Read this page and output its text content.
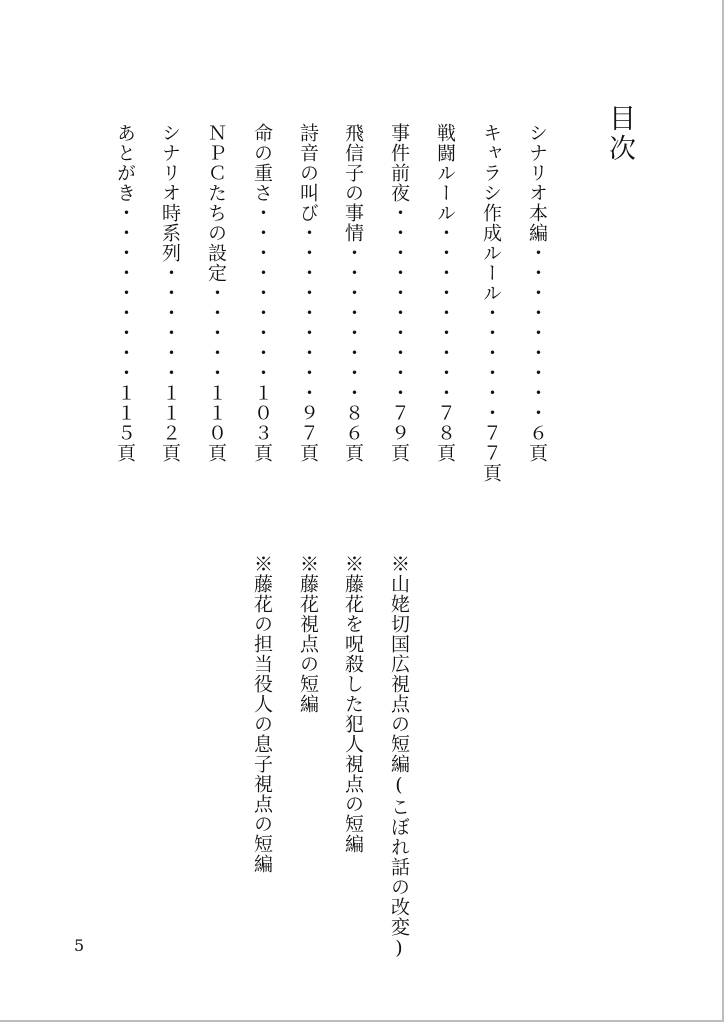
目次
シナリオ本編・・・・・・・・・６頁
キャラシ作成ルール・・・・・・７７頁
戦闘ルール・・・・・・・・・７８頁
事件前夜・・・・・・・・・・７９頁
飛信子の事情・・・・・・・・８６頁
詩音の叫び・・・・・・・・・９７頁
命の重さ・・・・・・・・・１０３頁
ＮＰＣたちの設定・・・・・１１０頁
シナリオ時系列・・・・・・１１２頁
あとがき・・・・・・・・・１１５頁
※山姥切国広視点の短編(こぼれ話の改変)
※藤花を呪殺した犯人視点の短編
※藤花視点の短編
※藤花の担当役人の息子視点の短編
5
